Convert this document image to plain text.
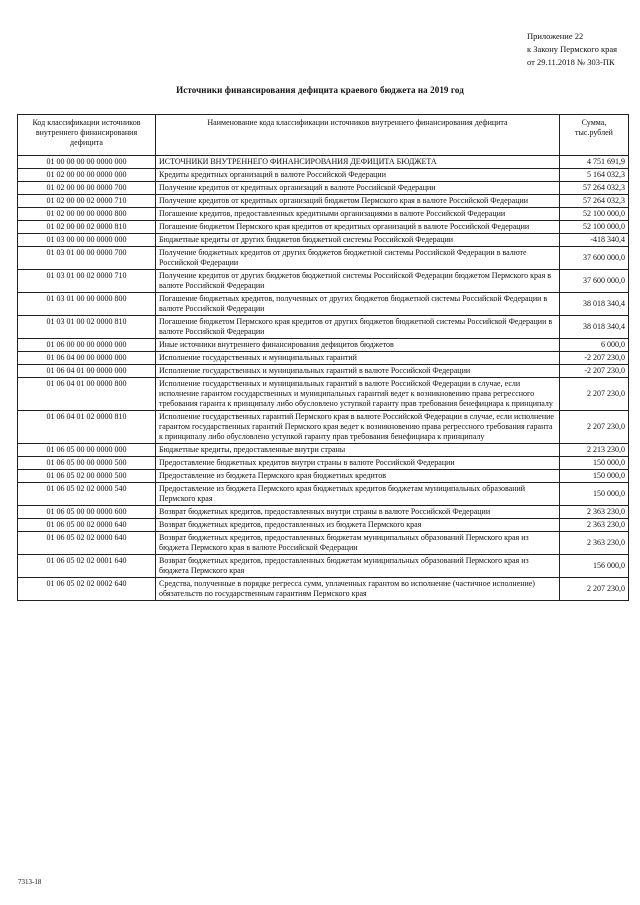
Приложение 22
к Закону Пермского края
от 29.11.2018 № 303-ПК
Источники финансирования дефицита краевого бюджета на 2019 год
Код классификации источников внутреннего финансирования дефицита	Наименование кода классификации источников внутреннего финансирования дефицита	Сумма, тыс.рублей
01 00 00 00 00 0000 000	ИСТОЧНИКИ ВНУТРЕННЕГО ФИНАНСИРОВАНИЯ ДЕФИЦИТА БЮДЖЕТА	4 751 691,9
01 02 00 00 00 0000 000	Кредиты кредитных организаций в валюте Российской Федерации	5 164 032,3
01 02 00 00 00 0000 700	Получение кредитов от кредитных организаций в валюте Российской Федерации	57 264 032,3
01 02 00 00 02 0000 710	Получение кредитов от кредитных организаций бюджетом Пермского края в валюте Российской Федерации	57 264 032,3
01 02 00 00 00 0000 800	Погашение кредитов, предоставленных кредитными организациями в валюте Российской Федерации	52 100 000,0
01 02 00 00 02 0000 810	Погашение бюджетом Пермского края кредитов от кредитных организаций в валюте Российской Федерации	52 100 000,0
01 03 00 00 00 0000 000	Бюджетные кредиты от других бюджетов бюджетной системы Российской Федерации	-418 340,4
01 03 01 00 00 0000 700	Получение бюджетных кредитов от других бюджетов бюджетной системы Российской Федерации в валюте Российской Федерации	37 600 000,0
01 03 01 00 02 0000 710	Получение кредитов от других бюджетов бюджетной системы Российской Федерации бюджетом Пермского края в валюте Российской Федерации	37 600 000,0
01 03 01 00 00 0000 800	Погашение бюджетных кредитов, полученных от других бюджетов бюджетной системы Российской Федерации в валюте Российской Федерации	38 018 340,4
01 03 01 00 02 0000 810	Погашение бюджетом Пермского края кредитов от других бюджетов бюджетной системы Российской Федерации в валюте Российской Федерации	38 018 340,4
01 06 00 00 00 0000 000	Иные источники внутреннего финансирования дефицитов бюджетов	6 000,0
01 06 04 00 00 0000 000	Исполнение государственных и муниципальных гарантий	-2 207 230,0
01 06 04 01 00 0000 000	Исполнение государственных и муниципальных гарантий в валюте Российской Федерации	-2 207 230,0
01 06 04 01 00 0000 800	Исполнение государственных и муниципальных гарантий в валюте Российской Федерации в случае, если исполнение гарантом государственных и муниципальных гарантий ведет к возникновению права регрессного требования гаранта к принципалу либо обусловлено уступкой гаранту прав требования бенефициара к принципалу	2 207 230,0
01 06 04 01 02 0000 810	Исполнение государственных гарантий Пермского края в валюте Российской Федерации в случае, если исполнение гарантом государственных гарантий Пермского края ведет к возникновению права регрессного требования гаранта к принципалу либо обусловлено уступкой гаранту прав требования бенефициара к принципалу	2 207 230,0
01 06 05 00 00 0000 000	Бюджетные кредиты, предоставленные внутри страны	2 213 230,0
01 06 05 00 00 0000 500	Предоставление бюджетных кредитов внутри страны в валюте Российской Федерации	150 000,0
01 06 05 02 00 0000 500	Предоставление из бюджета Пермского края бюджетных кредитов	150 000,0
01 06 05 02 02 0000 540	Предоставление из бюджета Пермского края бюджетных кредитов бюджетам муниципальных образований Пермского края	150 000,0
01 06 05 00 00 0000 600	Возврат бюджетных кредитов, предоставленных внутри страны в валюте Российской Федерации	2 363 230,0
01 06 05 00 02 0000 640	Возврат бюджетных кредитов, предоставленных из бюджета Пермского края	2 363 230,0
01 06 05 02 02 0000 640	Возврат бюджетных кредитов, предоставленных бюджетам муниципальных образований Пермского края из бюджета Пермского края в валюте Российской Федерации	2 363 230,0
01 06 05 02 02 0001 640	Возврат бюджетных кредитов, предоставленных бюджетам муниципальных образований Пермского края из бюджета Пермского края	156 000,0
01 06 05 02 02 0002 640	Средства, полученные в порядке регресса сумм, уплаченных гарантом во исполнение (частичное исполнение) обязательств по государственным гарантиям Пермского края	2 207 230,0
7313-18
